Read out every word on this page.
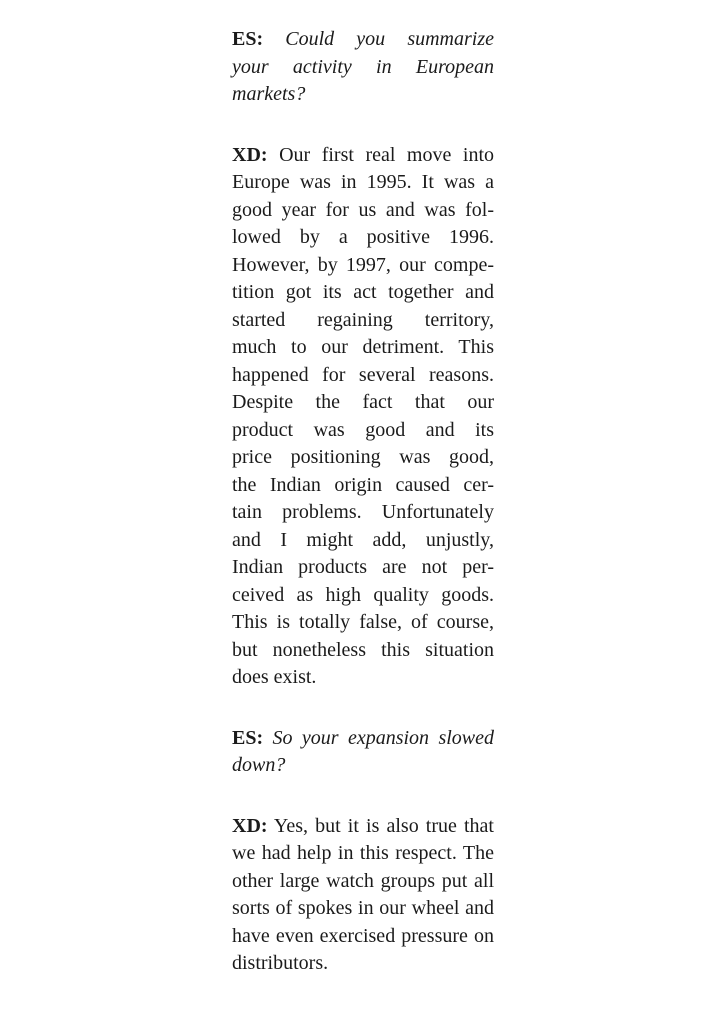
ES: Could you summarize
your activity in European
markets?
XD: Our first real move into
Europe was in 1995. It was a
good year for us and was fol-
lowed by a positive 1996.
However, by 1997, our compe-
tition got its act together and
started regaining territory,
much to our detriment. This
happened for several reasons.
Despite the fact that our
product was good and its
price positioning was good,
the Indian origin caused cer-
tain problems. Unfortunately
and I might add, unjustly,
Indian products are not per-
ceived as high quality goods.
This is totally false, of course,
but nonetheless this situation
does exist.
ES: So your expansion slowed
down?
XD: Yes, but it is also true that
we had help in this respect. The
other large watch groups put all
sorts of spokes in our wheel and
have even exercised pressure on
distributors.
